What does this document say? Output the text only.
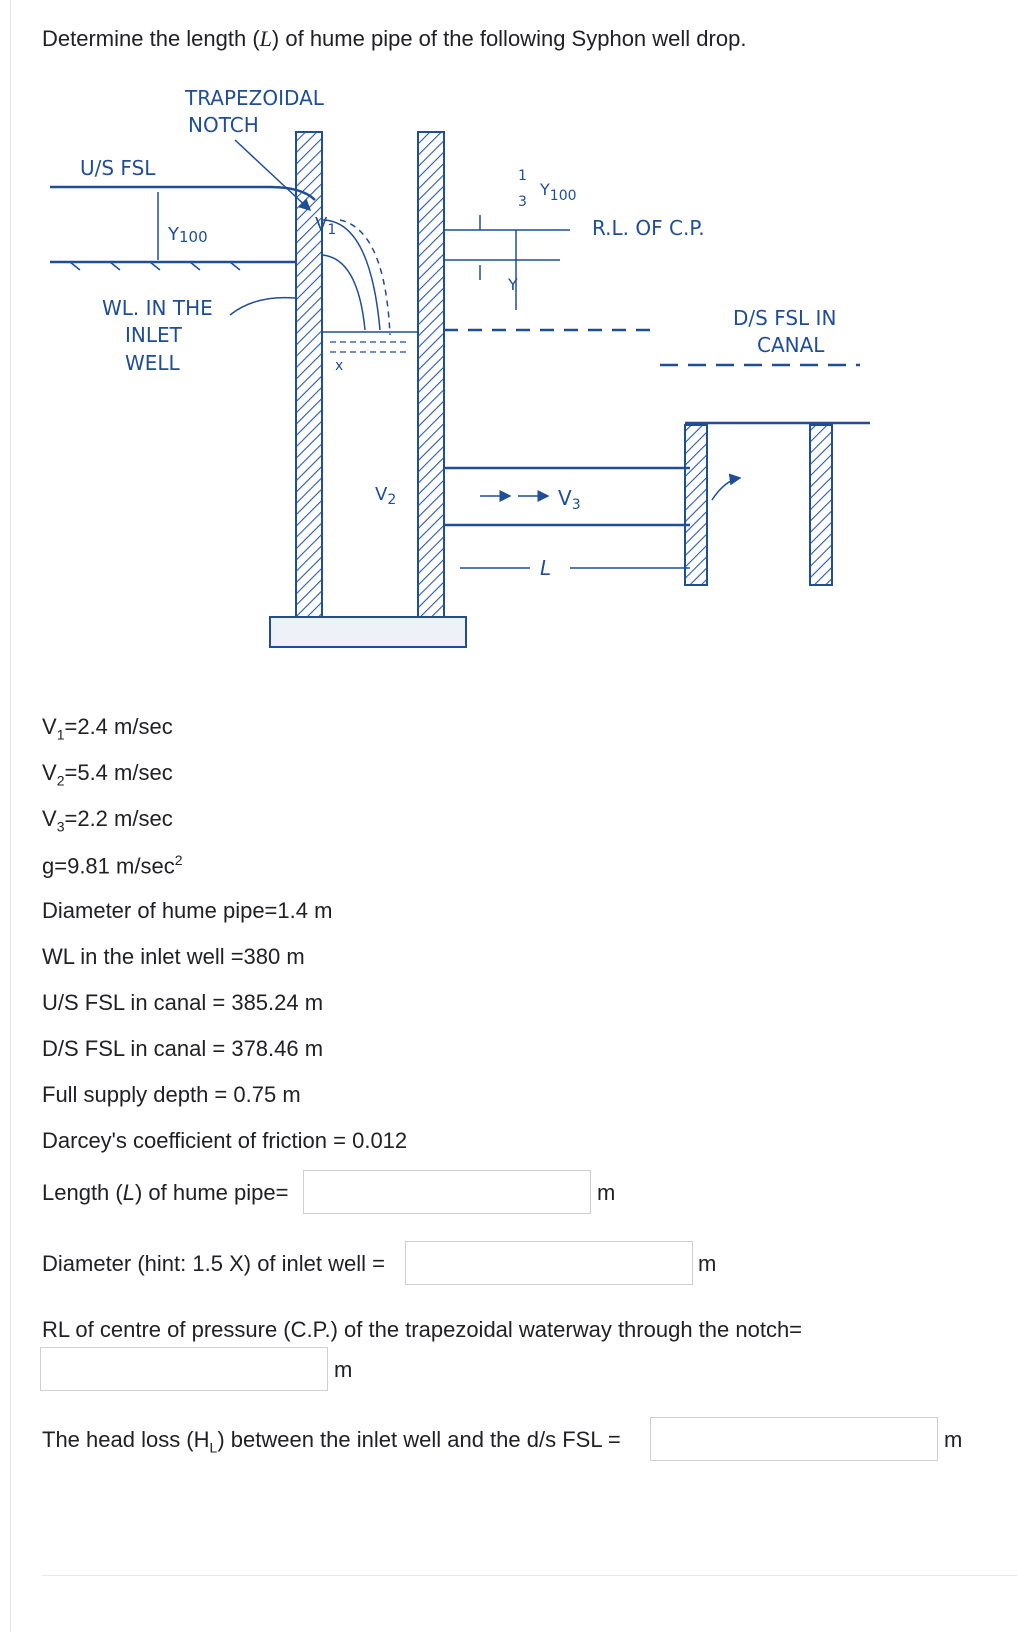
Determine the length (L) of hume pipe of the following Syphon well drop.
TRAPEZOIDAL
NOTCH
U/S FSL
Y100
$V_1$
WL. IN THE
INLET
WELL	x
$V_2$
1
3
Y100
R.L. OF C.P.
Y
D/S FSL IN
CANAL
$V_3$
L
$V_1=2.4$ m/sec
$V_2=5.4$ m/sec
$V_3=2.2$ m/sec
g=9.81 $m/\sec^2$
Diameter of hume pipe=1.4 m
WL in the inlet well =380 m
U/S FSL in canal = 385.24 m
D/S FSL in canal = 378.46 m
Full supply depth = 0.75 m
Darcey's coefficient of friction = 0.012
Length (L) of hume pipe=	m
Diameter (hint: 1.5 X) of inlet well =	m
RL of centre of pressure (C.P.) of the trapezoidal waterway through the notch=
m
The head loss $(H_L)$ between the inlet well and the d/s FSL =	m
